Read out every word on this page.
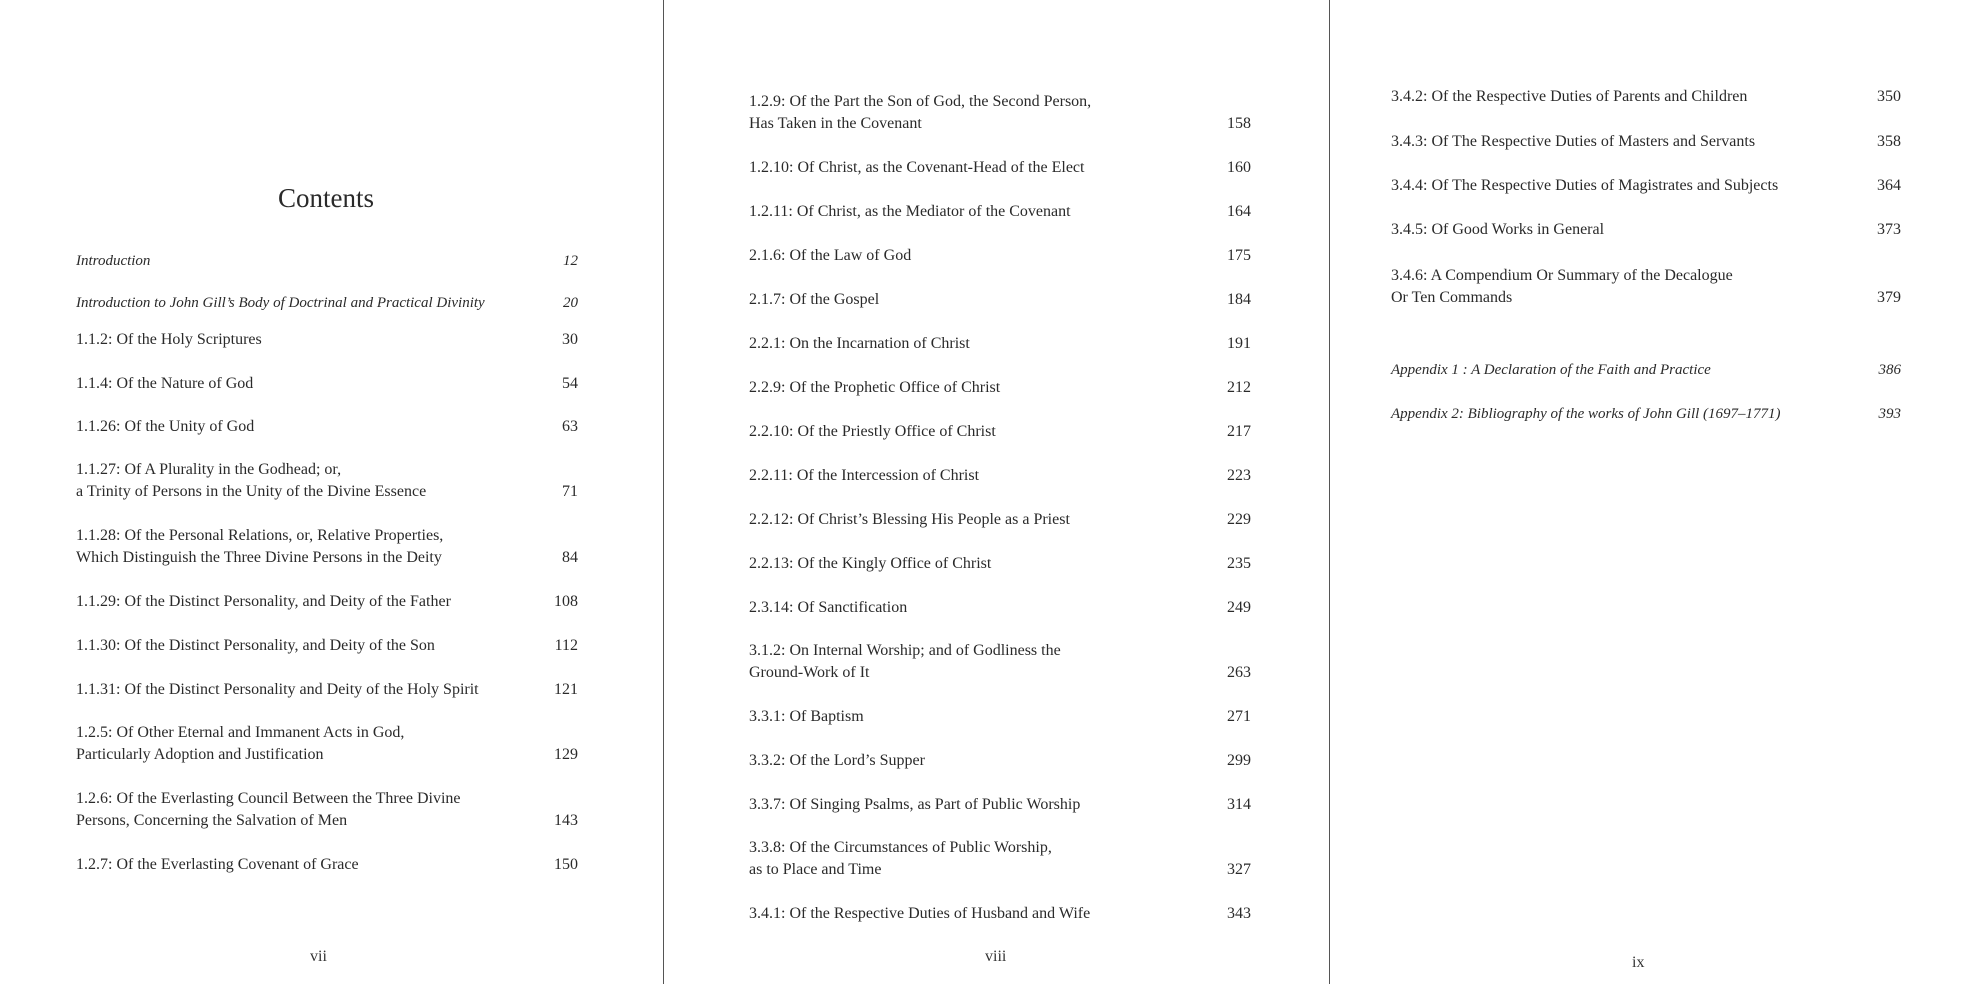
Contents
Introduction	12
Introduction to John Gill’s Body of Doctrinal and Practical Divinity	20
1.1.2: Of the Holy Scriptures	30
1.1.4: Of the Nature of God	54
1.1.26: Of the Unity of God	63
1.1.27: Of A Plurality in the Godhead; or,
a Trinity of Persons in the Unity of the Divine Essence	71
1.1.28: Of the Personal Relations, or, Relative Properties,
Which Distinguish the Three Divine Persons in the Deity	84
1.1.29: Of the Distinct Personality, and Deity of the Father	108
1.1.30: Of the Distinct Personality, and Deity of the Son	112
1.1.31: Of the Distinct Personality and Deity of the Holy Spirit	121
1.2.5: Of Other Eternal and Immanent Acts in God,
Particularly Adoption and Justification	129
1.2.6: Of the Everlasting Council Between the Three Divine
Persons, Concerning the Salvation of Men	143
1.2.7: Of the Everlasting Covenant of Grace	150
vii
1.2.9: Of the Part the Son of God, the Second Person,
Has Taken in the Covenant	158
1.2.10: Of Christ, as the Covenant-Head of the Elect	160
1.2.11: Of Christ, as the Mediator of the Covenant	164
2.1.6: Of the Law of God	175
2.1.7: Of the Gospel	184
2.2.1: On the Incarnation of Christ	191
2.2.9: Of the Prophetic Office of Christ	212
2.2.10: Of the Priestly Office of Christ	217
2.2.11: Of the Intercession of Christ	223
2.2.12: Of Christ’s Blessing His People as a Priest	229
2.2.13: Of the Kingly Office of Christ	235
2.3.14: Of Sanctification	249
3.1.2: On Internal Worship; and of Godliness the
Ground-Work of It	263
3.3.1: Of Baptism	271
3.3.2: Of the Lord’s Supper	299
3.3.7: Of Singing Psalms, as Part of Public Worship	314
3.3.8: Of the Circumstances of Public Worship,
as to Place and Time	327
3.4.1: Of the Respective Duties of Husband and Wife	343
viii
3.4.2: Of the Respective Duties of Parents and Children	350
3.4.3: Of The Respective Duties of Masters and Servants	358
3.4.4: Of The Respective Duties of Magistrates and Subjects	364
3.4.5: Of Good Works in General	373
3.4.6: A Compendium Or Summary of the Decalogue
Or Ten Commands	379
Appendix 1 : A Declaration of the Faith and Practice	386
Appendix 2: Bibliography of the works of John Gill (1697–1771)	393
ix
